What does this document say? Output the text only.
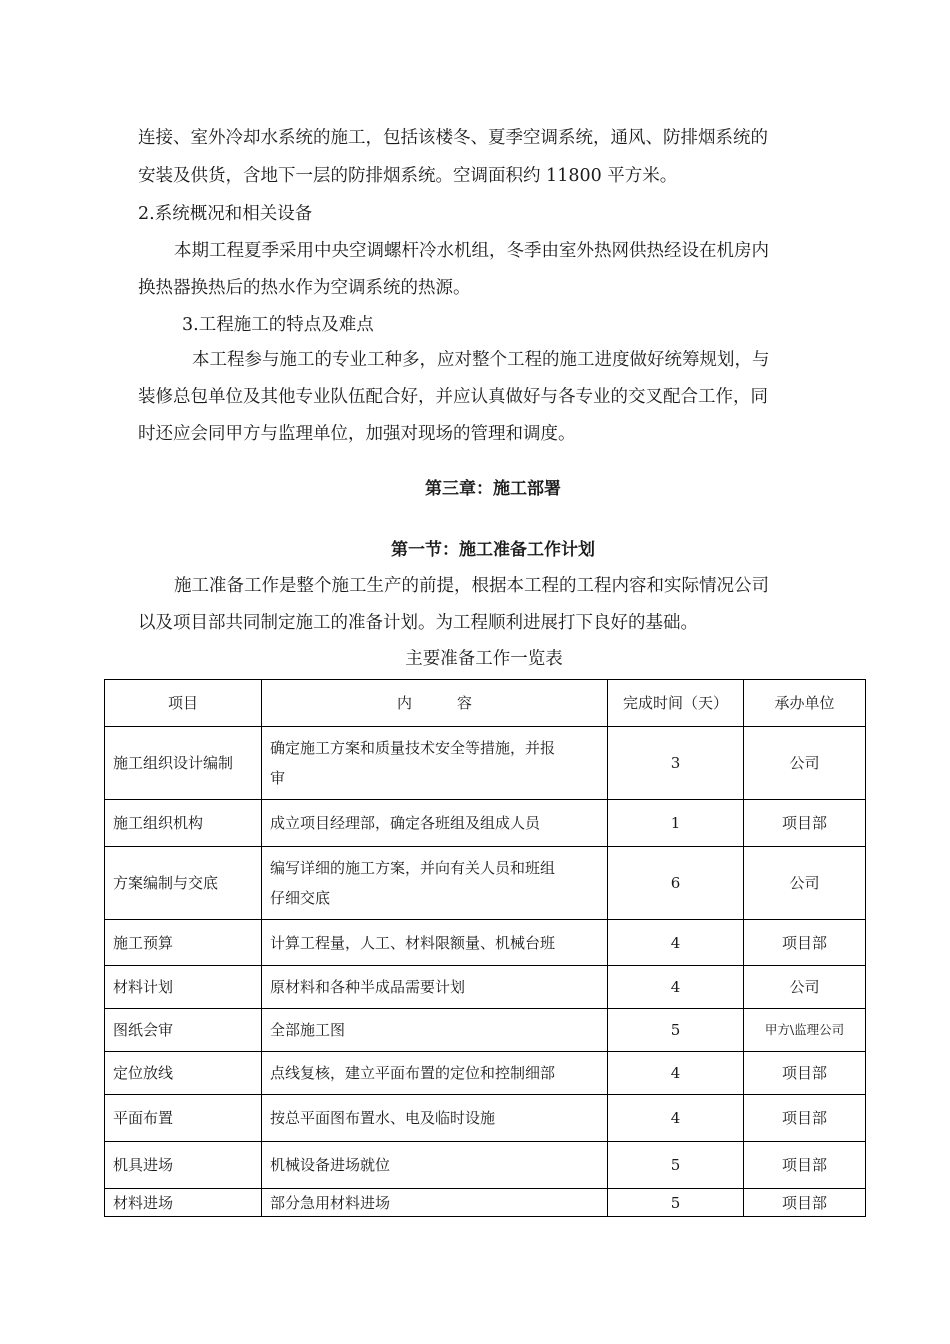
连接、室外冷却水系统的施工，包括该楼冬、夏季空调系统，通风、防排烟系统的
安装及供货，含地下一层的防排烟系统。空调面积约 11800 平方米。
2.系统概况和相关设备
本期工程夏季采用中央空调螺杆冷水机组，冬季由室外热网供热经设在机房内
换热器换热后的热水作为空调系统的热源。
3.工程施工的特点及难点
本工程参与施工的专业工种多，应对整个工程的施工进度做好统筹规划，与
装修总包单位及其他专业队伍配合好，并应认真做好与各专业的交叉配合工作，同
时还应会同甲方与监理单位，加强对现场的管理和调度。
第三章：施工部署
第一节：施工准备工作计划
施工准备工作是整个施工生产的前提，根据本工程的工程内容和实际情况公司
以及项目部共同制定施工的准备计划。为工程顺利进展打下良好的基础。
主要准备工作一览表
项目	内　　　容	完成时间（天）	承办单位
施工组织设计编制	确定施工方案和质量技术安全等措施，并报
审	3	公司
施工组织机构	成立项目经理部，确定各班组及组成人员	1	项目部
方案编制与交底	编写详细的施工方案，并向有关人员和班组
仔细交底	6	公司
施工预算	计算工程量，人工、材料限额量、机械台班	4	项目部
材料计划	原材料和各种半成品需要计划	4	公司
图纸会审	全部施工图	5	甲方\监理公司
定位放线	点线复核，建立平面布置的定位和控制细部	4	项目部
平面布置	按总平面图布置水、电及临时设施	4	项目部
机具进场	机械设备进场就位	5	项目部
材料进场	部分急用材料进场	5	项目部
